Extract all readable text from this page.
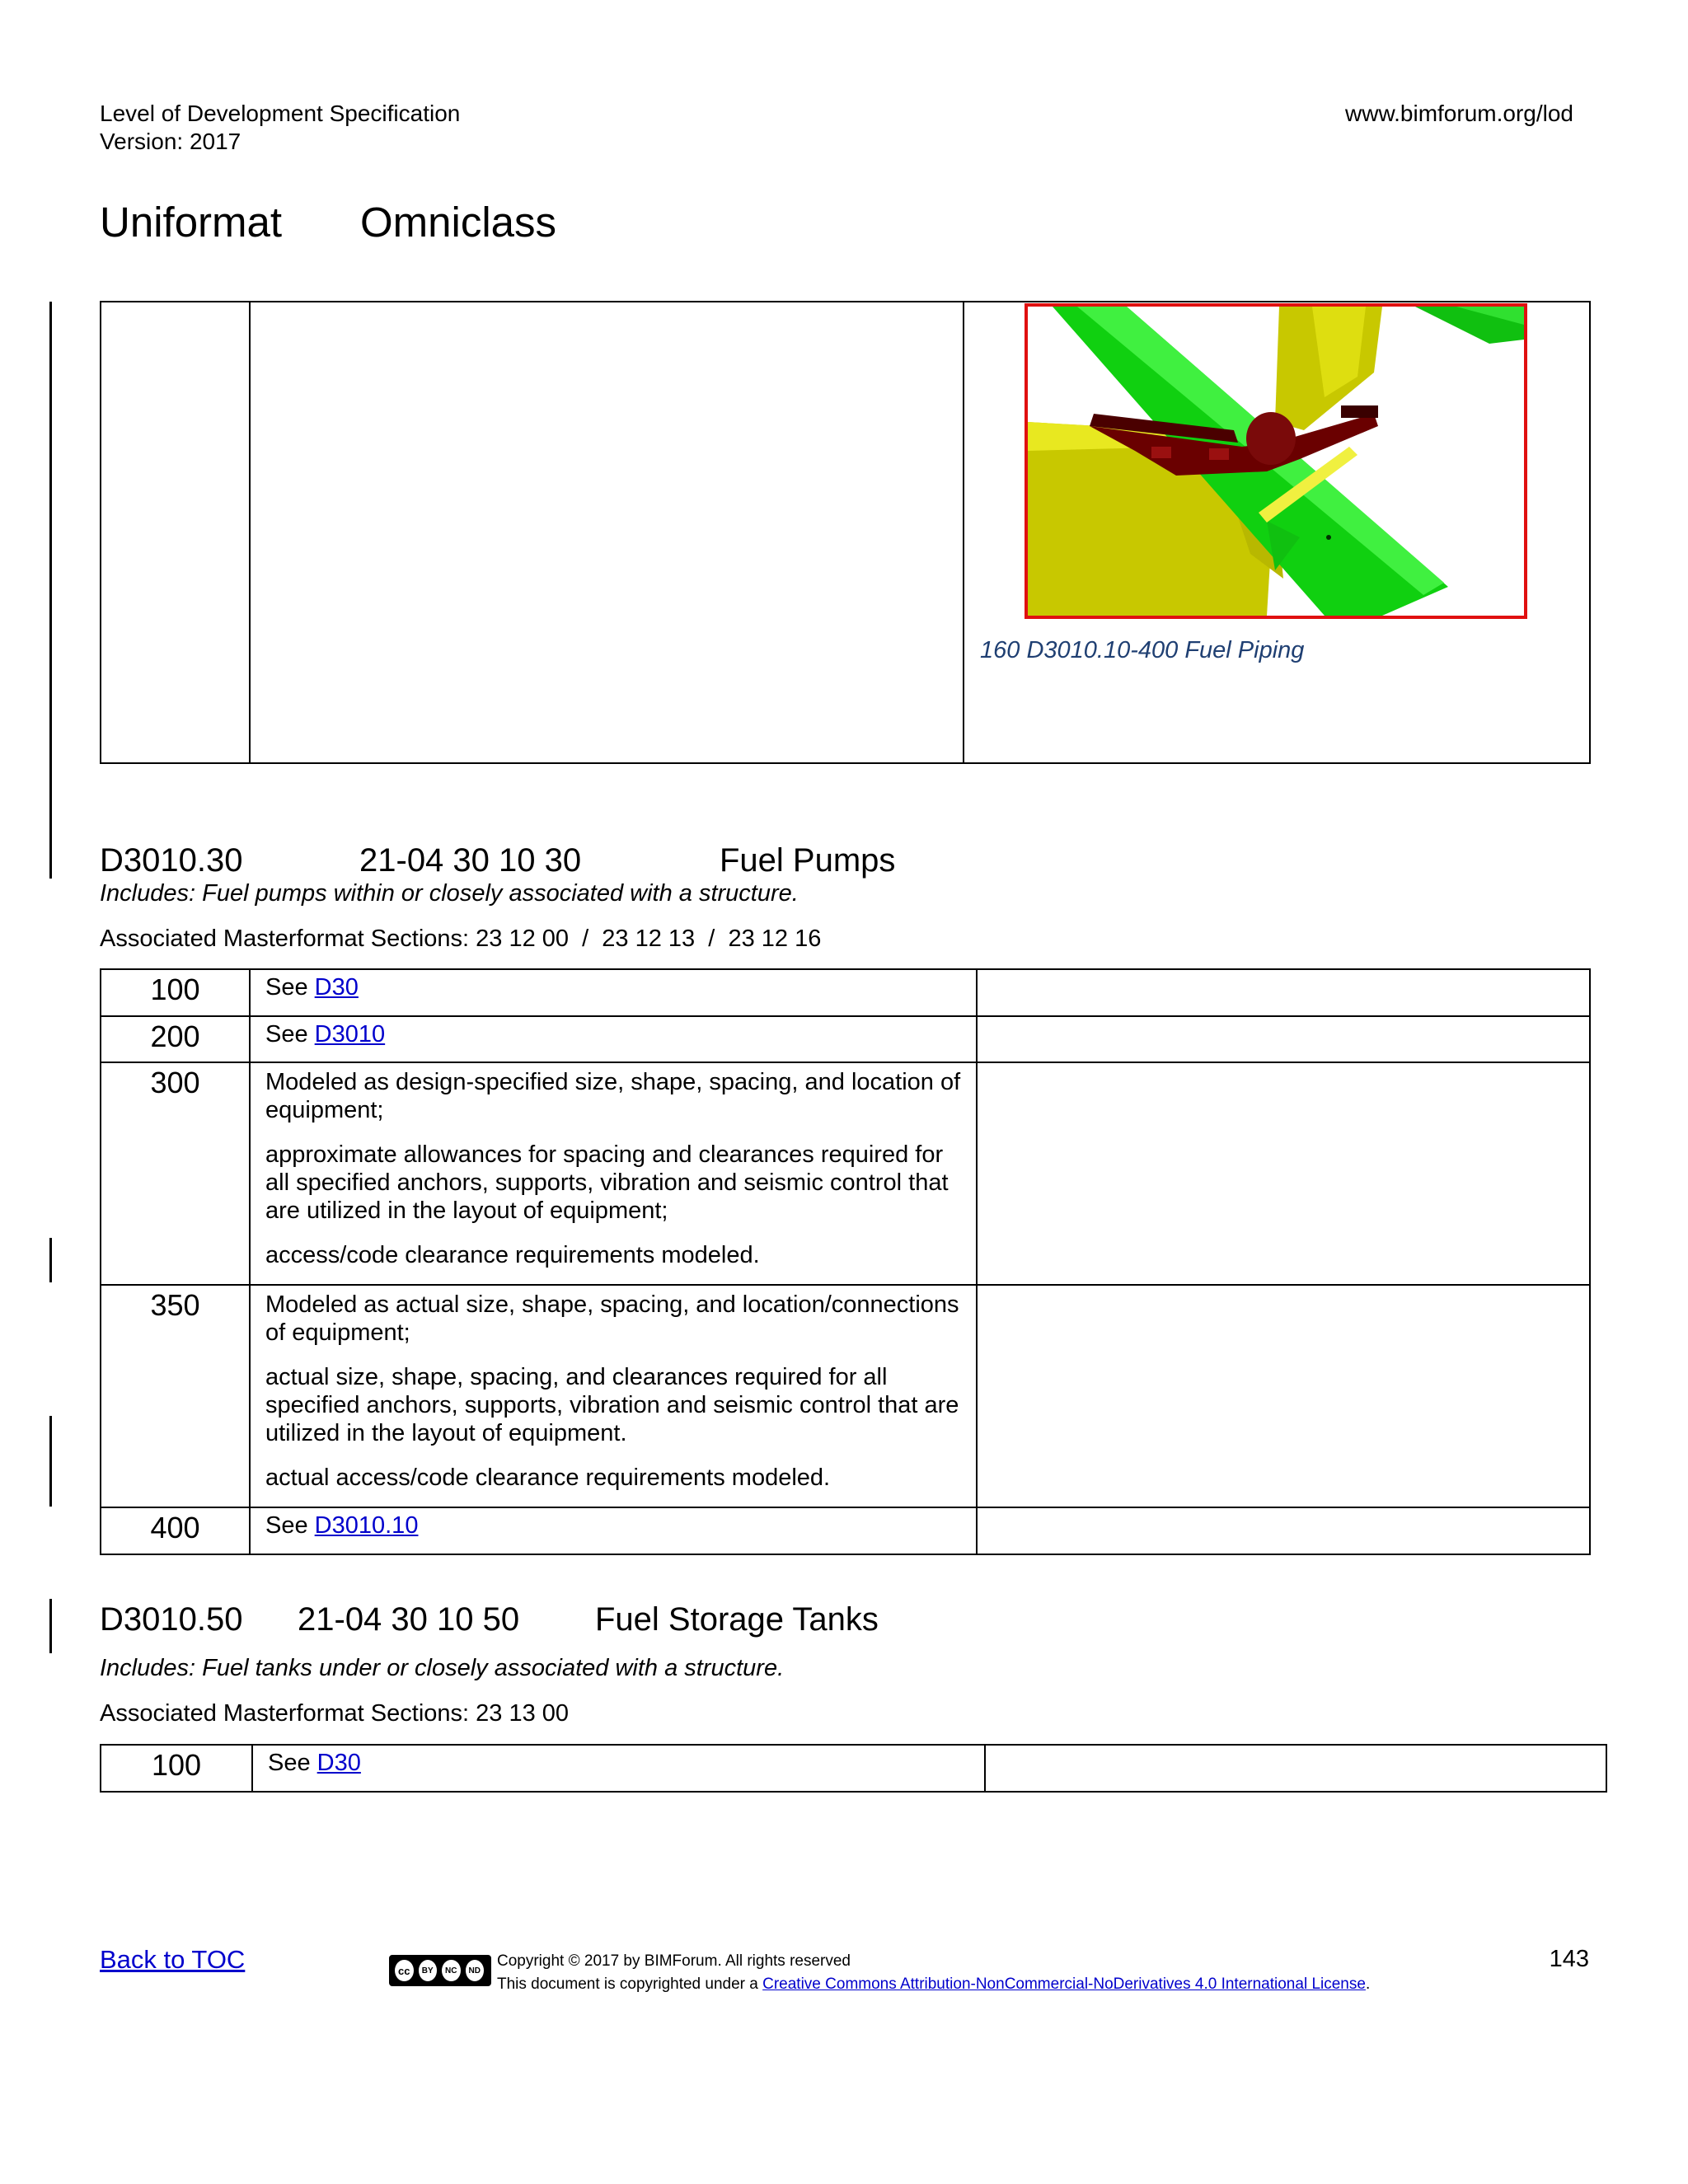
Level of Development Specification
Version: 2017
www.bimforum.org/lod
Uniformat Omniclass

160 D3010.10-400 Fuel Piping
D3010.30	21-04 30 10 30	Fuel Pumps
Includes: Fuel pumps within or closely associated with a structure.
Associated Masterformat Sections: 23 12 00  /  23 12 13  /  23 12 16
100	See D30	
200	See D3010	
300	Modeled as design-specified size, shape, spacing, and location of equipment;

approximate allowances for spacing and clearances required for all specified anchors, supports, vibration and seismic control that are utilized in the layout of equipment;

access/code clearance requirements modeled.	

350	Modeled as actual size, shape, spacing, and location/connections of equipment;

actual size, shape, spacing, and clearances required for all specified anchors, supports, vibration and seismic control that are utilized in the layout of equipment.

actual access/code clearance requirements modeled.	

400	See D3010.10	
D3010.50 21-04 30 10 50 Fuel Storage Tanks
Includes: Fuel tanks under or closely associated with a structure.
Associated Masterformat Sections: 23 13 00
100	See D30	
Back to TOC	cc	BY	NC	ND
Copyright © 2017 by BIMForum. All rights reserved
This document is copyrighted under a Creative Commons Attribution-NonCommercial-NoDerivatives 4.0 International License.
143
